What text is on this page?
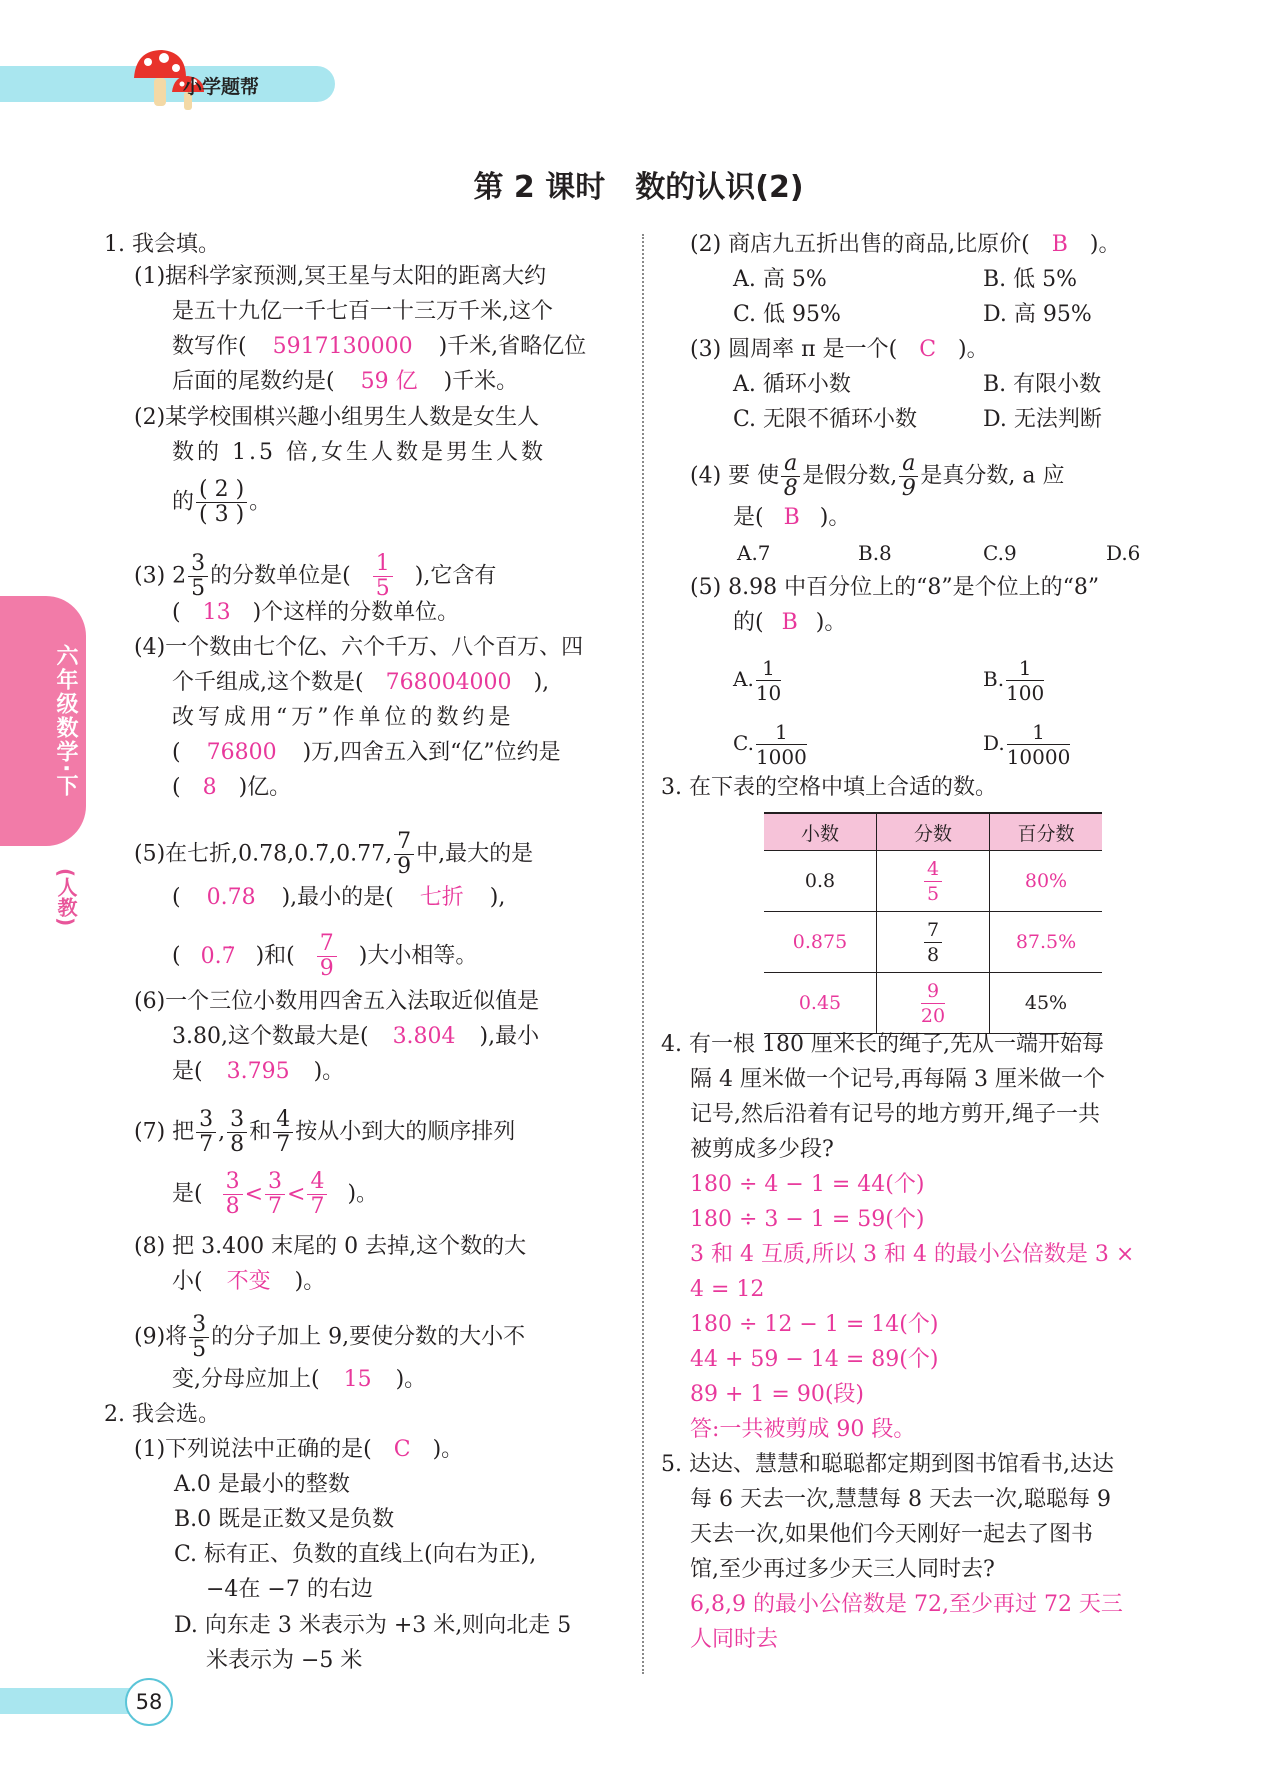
小学题帮
第 2 课时　数的认识(2)
六年级数学·下
(人教)
1. 我会填。
(1)据科学家预测,冥王星与太阳的距离大约
是五十九亿一千七百一十三万千米,这个
数写作( 5917130000 )千米,省略亿位
后面的尾数约是( 59 亿 )千米。
(2)某学校围棋兴趣小组男生人数是女生人
数的 1.5 倍,女生人数是男生人数
的 $\frac{( 2 )}{( 3 )}$ 。
(3) $2 \frac{3}{5}$ 的分数单位是( $\frac{1}{5}$ ),它含有
( 13 )个这样的分数单位。
(4)一个数由七个亿、六个千万、八个百万、四
个千组成,这个数是( 768004000 ),
改写成用“万”作单位的数约是
( 76800 )万,四舍五入到“亿”位约是
( 8 )亿。
(5)在七折,0.78,0.7̇,0.77, $\frac{7}{9}$ 中,最大的是
( 0.78 ),最小的是( 七折 ),
( 0.7̇ )和( $\frac{7}{9}$ )大小相等。
(6)一个三位小数用四舍五入法取近似值是
3.80,这个数最大是( 3.804 ),最小
是( 3.795 )。
(7) 把 $\frac{3}{7}$ , $\frac{3}{8}$ 和 $\frac{4}{7}$ 按从小到大的顺序排列
是( $\frac{3}{8} < \frac{3}{7} < \frac{4}{7}$ )。
(8) 把 3.400 末尾的 0 去掉,这个数的大
小( 不变 )。
(9)将 $\frac{3}{5}$ 的分子加上 9,要使分数的大小不
变,分母应加上( 15 )。
2. 我会选。
(1)下列说法中正确的是( C )。
A.0 是最小的整数
B.0 既是正数又是负数
C. 标有正、负数的直线上(向右为正),
−4在 −7 的右边
D. 向东走 3 米表示为 +3 米,则向北走 5
米表示为 −5 米
(2) 商店九五折出售的商品,比原价( B )。
A. 高 5%	B. 低 5%
C. 低 95%	D. 高 95%
(3) 圆周率 π 是一个( C )。
A. 循环小数	B. 有限小数
C. 无限不循环小数	D. 无法判断
(4) 要 使 $\frac{a}{8}$ 是假分数, $\frac{a}{9}$ 是真分数, a 应
是( B )。
A.7	B.8	C.9	D.6
(5) 8.98 中百分位上的“8”是个位上的“8”
的( B )。
A. $\frac{1}{10}$	B. $\frac{1}{100}$
C. $\frac{1}{1000}$	D. $\frac{1}{10000}$
3. 在下表的空格中填上合适的数。
小数	分数	百分数
0.8	$\frac{4}{5}$	80%
0.875	$\frac{7}{8}$	87.5%
0.45	$\frac{9}{20}$	45%
4. 有一根 180 厘米长的绳子,先从一端开始每
隔 4 厘米做一个记号,再每隔 3 厘米做一个
记号,然后沿着有记号的地方剪开,绳子一共
被剪成多少段?
180 ÷ 4 − 1 = 44(个)
180 ÷ 3 − 1 = 59(个)
3 和 4 互质,所以 3 和 4 的最小公倍数是 3 ×
4 = 12
180 ÷ 12 − 1 = 14(个)
44 + 59 − 14 = 89(个)
89 + 1 = 90(段)
答:一共被剪成 90 段。
5. 达达、慧慧和聪聪都定期到图书馆看书,达达
每 6 天去一次,慧慧每 8 天去一次,聪聪每 9
天去一次,如果他们今天刚好一起去了图书
馆,至少再过多少天三人同时去?
6,8,9 的最小公倍数是 72,至少再过 72 天三
人同时去
58
